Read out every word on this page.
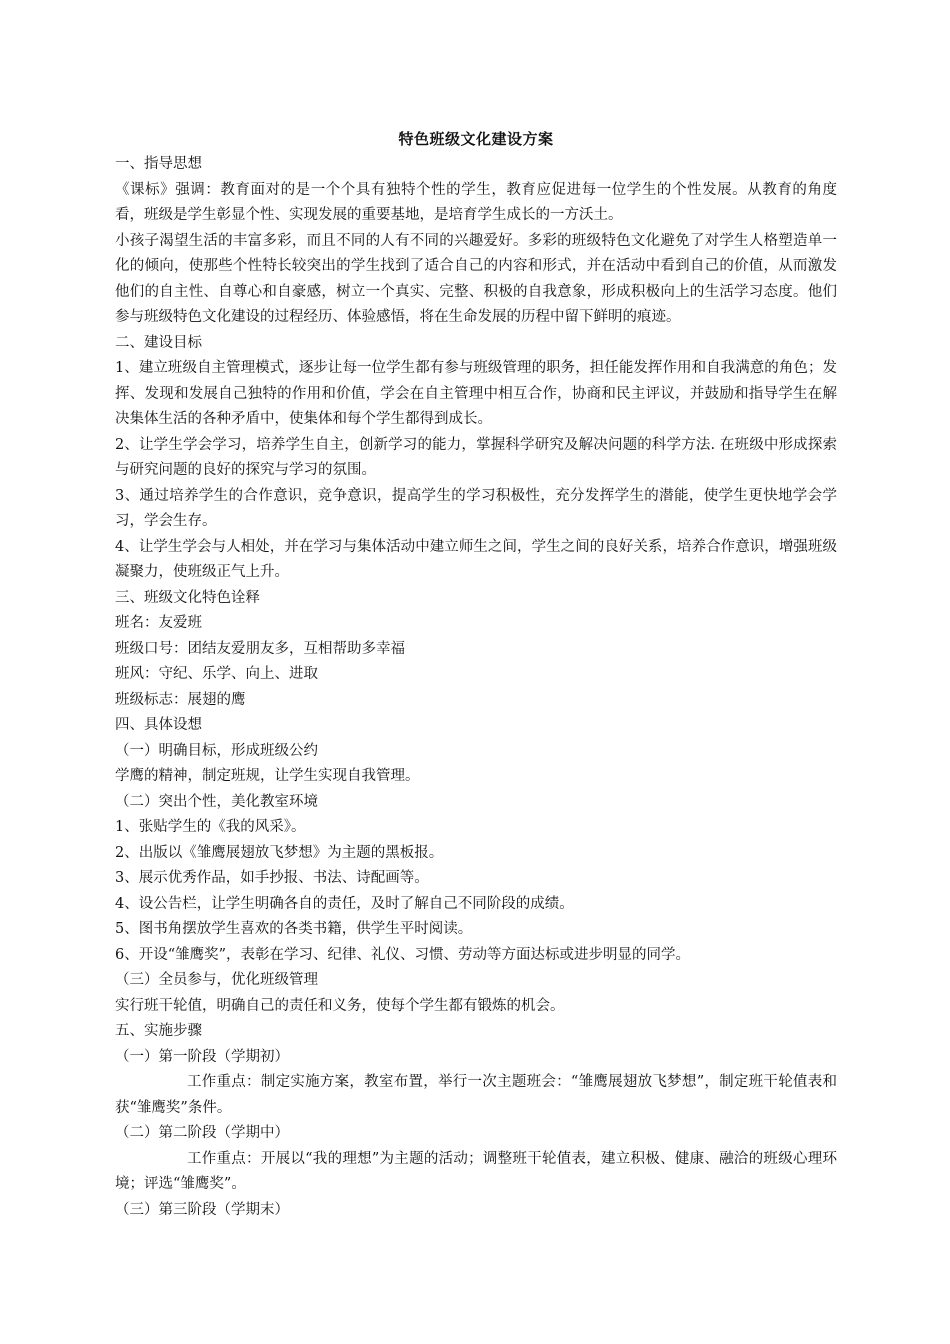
特色班级文化建设方案
一、指导思想
《课标》强调：教育面对的是一个个具有独特个性的学生，教育应促进每一位学生的个性发展。从教育的角度看，班级是学生彰显个性、实现发展的重要基地，是培育学生成长的一方沃土。
小孩子渴望生活的丰富多彩，而且不同的人有不同的兴趣爱好。多彩的班级特色文化避免了对学生人格塑造单一化的倾向，使那些个性特长较突出的学生找到了适合自己的内容和形式，并在活动中看到自己的价值，从而激发他们的自主性、自尊心和自豪感，树立一个真实、完整、积极的自我意象，形成积极向上的生活学习态度。他们参与班级特色文化建设的过程经历、体验感悟，将在生命发展的历程中留下鲜明的痕迹。
二、建设目标
1、建立班级自主管理模式，逐步让每一位学生都有参与班级管理的职务，担任能发挥作用和自我满意的角色；发挥、发现和发展自己独特的作用和价值，学会在自主管理中相互合作，协商和民主评议，并鼓励和指导学生在解决集体生活的各种矛盾中，使集体和每个学生都得到成长。
2、让学生学会学习，培养学生自主，创新学习的能力，掌握科学研究及解决问题的科学方法. 在班级中形成探索与研究问题的良好的探究与学习的氛围。
3、通过培养学生的合作意识，竞争意识，提高学生的学习积极性，充分发挥学生的潜能，使学生更快地学会学习，学会生存。
4、让学生学会与人相处，并在学习与集体活动中建立师生之间，学生之间的良好关系，培养合作意识，增强班级凝聚力，使班级正气上升。
三、班级文化特色诠释
班名：友爱班
班级口号：团结友爱朋友多，互相帮助多幸福
班风：守纪、乐学、向上、进取
班级标志：展翅的鹰
四、具体设想
（一）明确目标，形成班级公约
学鹰的精神，制定班规，让学生实现自我管理。
（二）突出个性，美化教室环境
1、张贴学生的《我的风采》。
2、出版以《雏鹰展翅放飞梦想》为主题的黑板报。
3、展示优秀作品，如手抄报、书法、诗配画等。
4、设公告栏，让学生明确各自的责任，及时了解自己不同阶段的成绩。
5、图书角摆放学生喜欢的各类书籍，供学生平时阅读。
6、开设“雏鹰奖”，表彰在学习、纪律、礼仪、习惯、劳动等方面达标或进步明显的同学。
（三）全员参与，优化班级管理
实行班干轮值，明确自己的责任和义务，使每个学生都有锻炼的机会。
五、实施步骤
（一）第一阶段（学期初）
工作重点：制定实施方案，教室布置，举行一次主题班会：“雏鹰展翅放飞梦想”，制定班干轮值表和获“雏鹰奖”条件。
（二）第二阶段（学期中）
工作重点：开展以“我的理想”为主题的活动；调整班干轮值表，建立积极、健康、融洽的班级心理环境；评选“雏鹰奖”。
（三）第三阶段（学期末）
